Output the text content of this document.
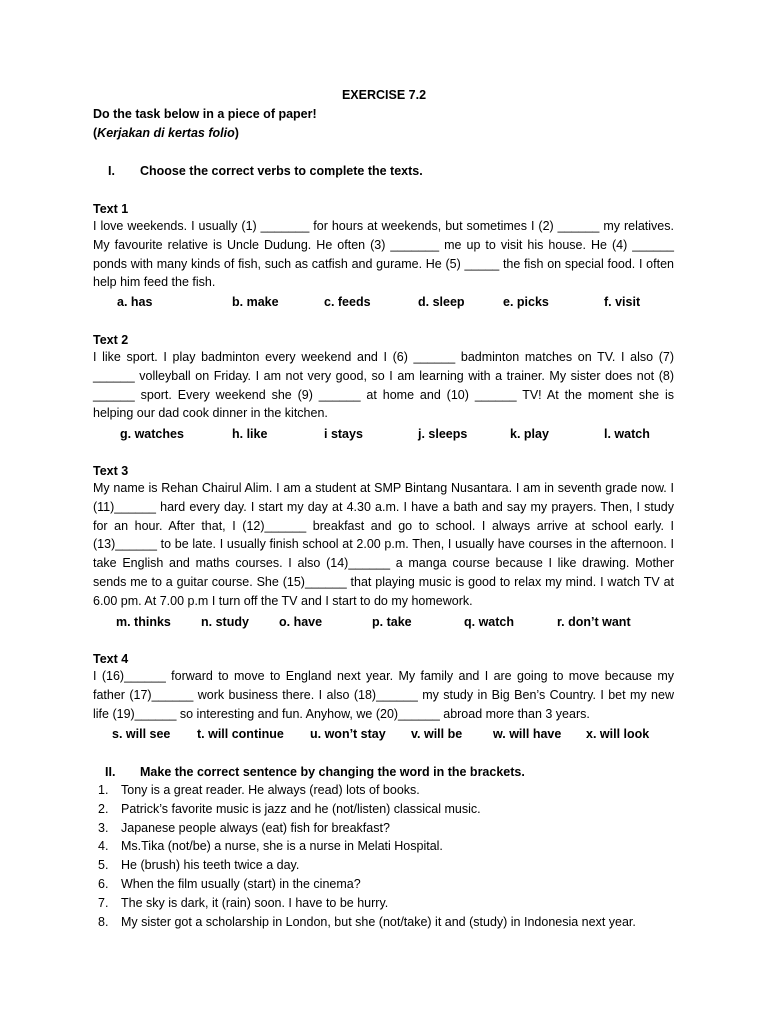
EXERCISE 7.2
Do the task below in a piece of paper!
(Kerjakan di kertas folio)
I. Choose the correct verbs to complete the texts.
Text 1
I love weekends. I usually (1) _______ for hours at weekends, but sometimes I (2) ______ my relatives. My favourite relative is Uncle Dudung. He often (3) _______ me up to visit his house. He (4) ______ ponds with many kinds of fish, such as catfish and gurame. He (5) _____ the fish on special food. I often help him feed the fish.
a. has	b. make	c. feeds	d. sleep	e. picks	f. visit
Text 2
I like sport. I play badminton every weekend and I (6) ______ badminton matches on TV. I also (7) ______ volleyball on Friday. I am not very good, so I am learning with a trainer. My sister does not (8) ______ sport. Every weekend she (9) ______ at home and (10) ______ TV! At the moment she is helping our dad cook dinner in the kitchen.
g. watches	h. like	i stays	j. sleeps	k. play	l. watch
Text 3
My name is Rehan Chairul Alim. I am a student at SMP Bintang Nusantara. I am in seventh grade now. I (11)______ hard every day. I start my day at 4.30 a.m. I have a bath and say my prayers. Then, I study for an hour. After that, I (12)______ breakfast and go to school. I always arrive at school early. I (13)______ to be late. I usually finish school at 2.00 p.m. Then, I usually have courses in the afternoon. I take English and maths courses. I also (14)______ a manga course because I like drawing. Mother sends me to a guitar course. She (15)______ that playing music is good to relax my mind. I watch TV at 6.00 pm. At 7.00 p.m I turn off the TV and I start to do my homework.
m. thinks n. study o. have	p. take	q. watch	r. don’t want
Text 4
I (16)______ forward to move to England next year. My family and I are going to move because my father (17)______ work business there. I also (18)______ my study in Big Ben’s Country. I bet my new life (19)______ so interesting and fun. Anyhow, we (20)______ abroad more than 3 years.
s. will see t. will continue u. won’t stay v. will be w. will have x. will look
II. Make the correct sentence by changing the word in the brackets.
1.	Tony is a great reader. He always (read) lots of books.
2.	Patrick’s favorite music is jazz and he (not/listen) classical music.
3.	Japanese people always (eat) fish for breakfast?
4.	Ms.Tika (not/be) a nurse, she is a nurse in Melati Hospital.
5.	He (brush) his teeth twice a day.
6.	When the film usually (start) in the cinema?
7.	The sky is dark, it (rain) soon. I have to be hurry.
8.	My sister got a scholarship in London, but she (not/take) it and (study) in Indonesia next year.
